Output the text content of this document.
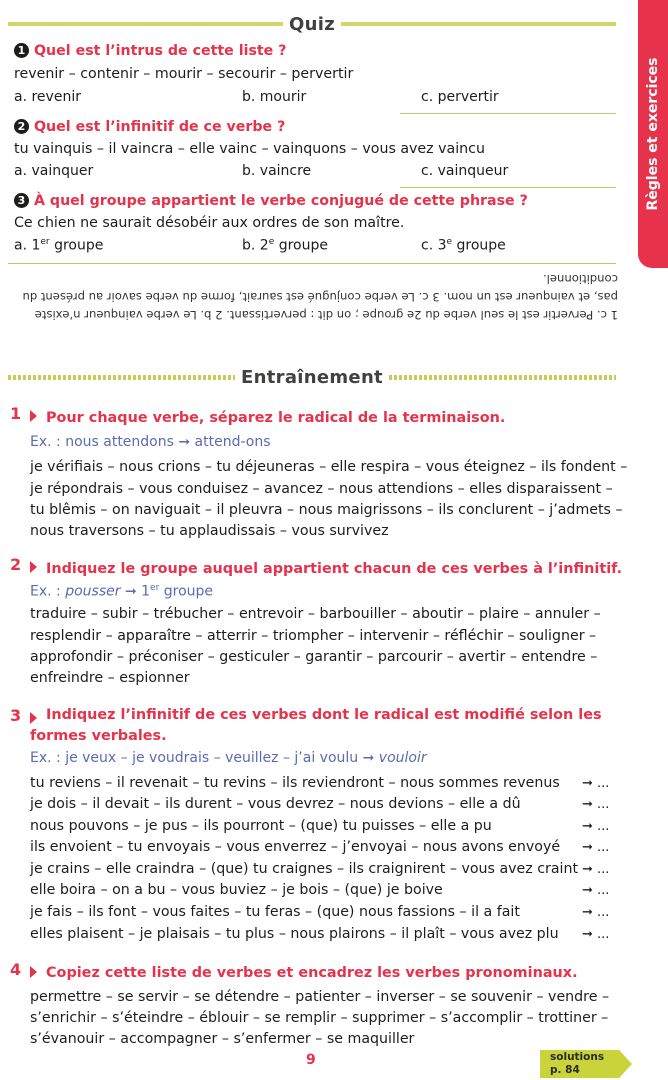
Règles et exercices
Quiz
1 Quel est l’intrus de cette liste ?
revenir – contenir – mourir – secourir – pervertir
a. revenir	b. mourir	c. pervertir
2 Quel est l’infinitif de ce verbe ?
tu vainquis – il vaincra – elle vainc – vainquons – vous avez vaincu
a. vainquer	b. vaincre	c. vainqueur
3 À quel groupe appartient le verbe conjugué de cette phrase ?
Ce chien ne saurait désobéir aux ordres de son maître.
a. 1er groupe	b. 2e groupe	c. 3e groupe
conditionnel.
pas, et vainqueur est un nom. 3 c. Le verbe conjugué est saurait, forme du verbe savoir au présent du
1 c. Pervertir est le seul verbe du 2e groupe ; on dit : pervertissant. 2 b. Le verbe vainqueur n’existe
Entraînement
1 Pour chaque verbe, séparez le radical de la terminaison.
Ex. : nous attendons ➞ attend-ons
je vérifiais – nous crions – tu déjeuneras – elle respira – vous éteignez – ils fondent –
je répondrais – vous conduisez – avancez – nous attendions – elles disparaissent –
tu blêmis – on naviguait – il pleuvra – nous maigrissons – ils conclurent – j’admets –
nous traversons – tu applaudissais – vous survivez
2 Indiquez le groupe auquel appartient chacun de ces verbes à l’infinitif.
Ex. : pousser ➞ 1er groupe
traduire – subir – trébucher – entrevoir – barbouiller – aboutir – plaire – annuler –
resplendir – apparaître – atterrir – triompher – intervenir – réfléchir – souligner –
approfondir – préconiser – gesticuler – garantir – parcourir – avertir – entendre –
enfreindre – espionner
3 Indiquez l’infinitif de ces verbes dont le radical est modifié selon les
formes verbales.
Ex. : je veux – je voudrais – veuillez – j’ai voulu ➞ vouloir
tu reviens – il revenait – tu revins – ils reviendront – nous sommes revenus ➞ ...
je dois – il devait – ils durent – vous devrez – nous devions – elle a dû	➞ ...
nous pouvons – je pus – ils pourront – (que) tu puisses – elle a pu	➞ ...
ils envoient – tu envoyais – vous enverrez – j’envoyai – nous avons envoyé ➞ ...
je crains – elle craindra – (que) tu craignes – ils craignirent – vous avez craint ➞ ...
elle boira – on a bu – vous buviez – je bois – (que) je boive	➞ ...
je fais – ils font – vous faites – tu feras – (que) nous fassions – il a fait	➞ ...
elles plaisent – je plaisais – tu plus – nous plairons – il plaît – vous avez plu ➞ ...
4 Copiez cette liste de verbes et encadrez les verbes pronominaux.
permettre – se servir – se détendre – patienter – inverser – se souvenir – vendre –
s’enrichir – s’éteindre – éblouir – se remplir – supprimer – s’accomplir – trottiner –
s’évanouir – accompagner – s’enfermer – se maquiller
9	solutions
p. 84
